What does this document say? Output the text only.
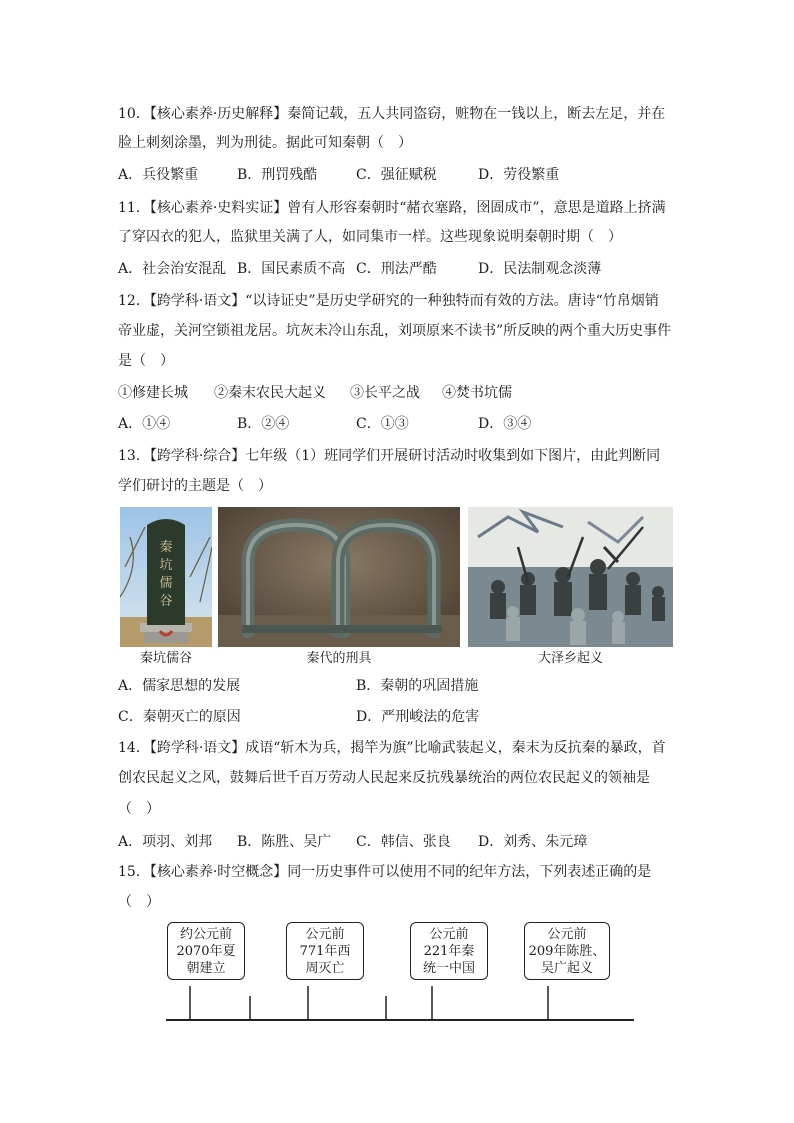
10．【核心素养·历史解释】秦简记载，五人共同盗窃，赃物在一钱以上，断去左足，并在
脸上刺刻涂墨，判为刑徒。据此可知秦朝（　）
A．兵役繁重	B．刑罚残酷	C．强征赋税	D．劳役繁重
11．【核心素养·史料实证】曾有人形容秦朝时“赭衣塞路，囹圄成市”，意思是道路上挤满
了穿囚衣的犯人，监狱里关满了人，如同集市一样。这些现象说明秦朝时期（　）
A．社会治安混乱 B．国民素质不高 C．刑法严酷	D．民法制观念淡薄
12．【跨学科·语文】“以诗证史”是历史学研究的一种独特而有效的方法。唐诗“竹帛烟销
帝业虚，关河空锁祖龙居。坑灰未冷山东乱，刘项原来不读书”所反映的两个重大历史事件
是（　）
①修建长城 ②秦末农民大起义 ③长平之战 ④焚书坑儒
A．①④	B．②④	C．①③	D．③④
13．【跨学科·综合】七年级（1）班同学们开展研讨活动时收集到如下图片，由此判断同
学们研讨的主题是（　）
秦
坑
儒
谷
秦坑儒谷	秦代的刑具	大泽乡起义
A．儒家思想的发展	B．秦朝的巩固措施
C．秦朝灭亡的原因	D．严刑峻法的危害
14．【跨学科·语文】成语“斩木为兵，揭竿为旗”比喻武装起义，秦末为反抗秦的暴政，首
创农民起义之风，鼓舞后世千百万劳动人民起来反抗残暴统治的两位农民起义的领袖是
（　）
A．项羽、刘邦 B．陈胜、吴广 C．韩信、张良 D．刘秀、朱元璋
15．【核心素养·时空概念】同一历史事件可以使用不同的纪年方法，下列表述正确的是
（　）
约公元前
2070年夏
朝建立
公元前
771年西
周灭亡
公元前
221年秦
统一中国
公元前
209年陈胜、
吴广起义
